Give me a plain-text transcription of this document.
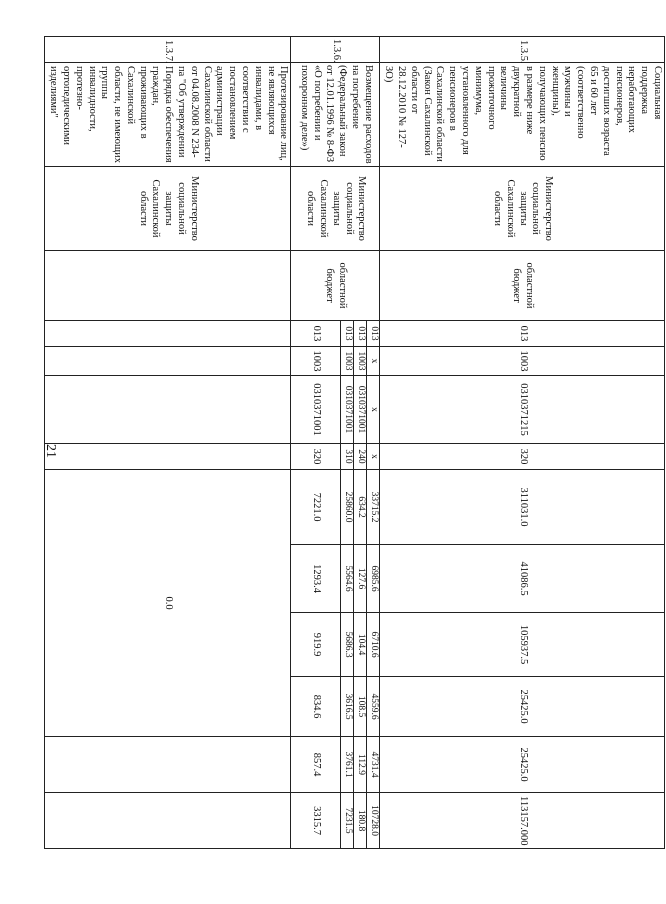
21
1.3.5.	Социальная поддержка неработающих пенсионеров, достигших возраста 65 и 60 лет (соответственно мужчины и женщины), получающих пенсию в размере ниже двукратной величины прожиточного минимума, установленного для пенсионеров в Сахалинской области (Закон Сахалинской области от 28.12.2010 № 127-ЗО)	Министерство социальной защиты Сахалинской области	областной бюджет	013	1003	0310371215	320	311031.0	41086.5	105937.5	25425.0	25425.0	113157.000
1.3.6.	Возмещение расходов на погребение (Федеральный закон от 12.01.1996 № 8-ФЗ «О погребении и похоронном деле»)	Министерство социальной защиты Сахалинской области	областной бюджет	013	x	x	x	33715.2	6985.6	6710.6	4559.6	4731.4	10728.0
				013	1003	0310371001	240	634.2	127.6	104.4	108.5	112.9	180.8
				013	1003	0310371001	310	25860.0	5564.6	5686.3	3616.5	3761.1	7231.5
				013	1003	0310371001	320	7221.0	1293.4	919.9	834.6	857.4	3315.7
1.3.7.	Протезирование лиц, не являющихся инвалидами, в соответствии с постановлением администрации Сахалинской области от 04.08.2008 N 234-па "Об утверждении Порядка обеспечения граждан, проживающих в Сахалинской области, не имеющих группы инвалидности, протезно-ортопедическими изделиями"	Министерство социальной защиты Сахалинской области						0.0					
